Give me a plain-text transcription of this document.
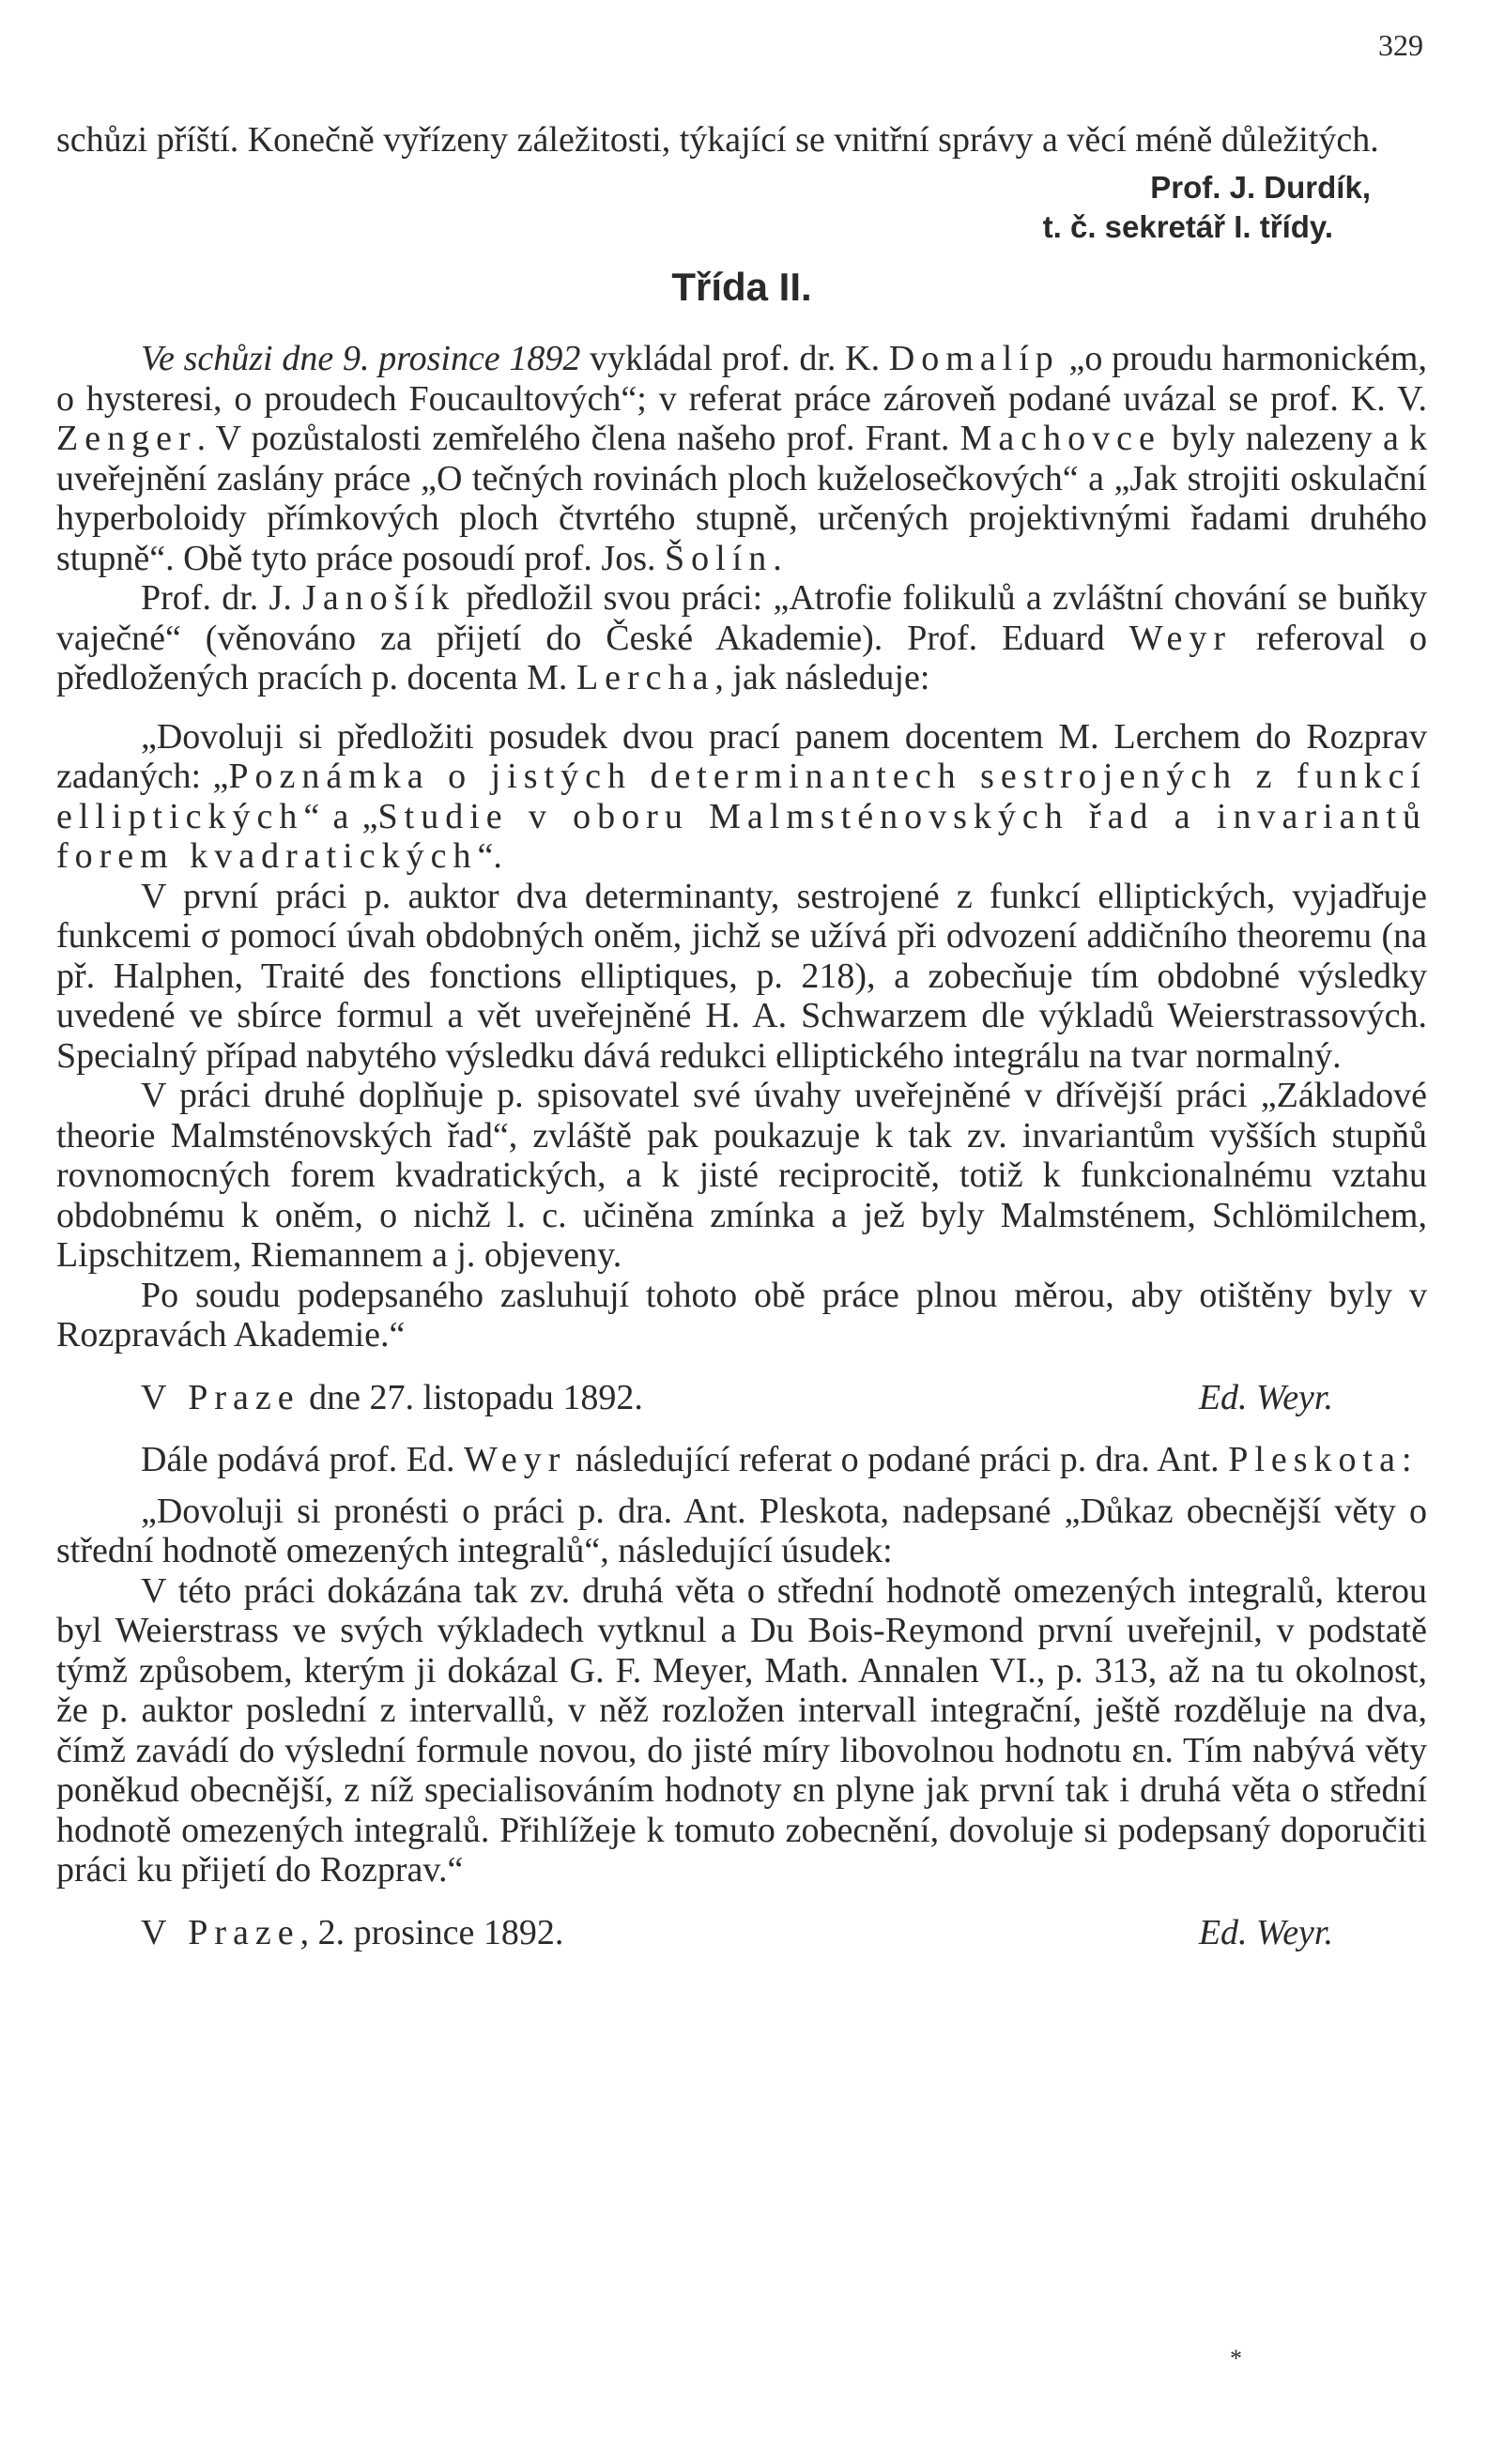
329

schůzi příští. Konečně vyřízeny záležitosti, týkající se vnitřní správy a věcí méně důležitých.

Prof. J. Durdík,
t. č. sekretář I. třídy.
Třída II.

Ve schůzi dne 9. prosince 1892 vykládal prof. dr. K. Domalíp „o proudu harmonickém, o hysteresi, o proudech Foucaultových“; v referat práce zároveň podané uvázal se prof. K. V. Zenger. V pozůstalosti zemřelého člena našeho prof. Frant. Machovce byly nalezeny a k uveřejnění zaslány práce „O tečných rovinách ploch kuželosečkových“ a „Jak strojiti oskulační hyperboloidy přímkových ploch čtvrtého stupně, určených projektivnými řadami druhého stupně“. Obě tyto práce posoudí prof. Jos. Šolín.

Prof. dr. J. Janošík předložil svou práci: „Atrofie folikulů a zvláštní chování se buňky vaječné“ (věnováno za přijetí do České Akademie). Prof. Eduard Weyr referoval o předložených pracích p. docenta M. Lercha, jak následuje:

„Dovoluji si předložiti posudek dvou prací panem docentem M. Lerchem do Rozprav zadaných: „Poznámka o jistých determinantech sestrojených z funkcí elliptických“ a „Studie v oboru Malmsténovských řad a invariantů forem kvadratických“.

V první práci p. auktor dva determinanty, sestrojené z funkcí elliptických, vyjadřuje funkcemi σ pomocí úvah obdobných oněm, jichž se užívá při odvození addičního theoremu (na př. Halphen, Traité des fonctions elliptiques, p. 218), a zobecňuje tím obdobné výsledky uvedené ve sbírce formul a vět uveřejněné H. A. Schwarzem dle výkladů Weierstrassových. Specialný případ nabytého výsledku dává redukci elliptického integrálu na tvar normalný.

V práci druhé doplňuje p. spisovatel své úvahy uveřejněné v dřívější práci „Základové theorie Malmsténovských řad“, zvláště pak poukazuje k tak zv. invariantům vyšších stupňů rovnomocných forem kvadratických, a k jisté reciprocitě, totiž k funkcionalnému vztahu obdobnému k oněm, o nichž l. c. učiněna zmínka a jež byly Malmsténem, Schlömilchem, Lipschitzem, Riemannem a j. objeveny.

Po soudu podepsaného zasluhují tohoto obě práce plnou měrou, aby otištěny byly v Rozpravách Akademie.“

V Praze dne 27. listopadu 1892.	Ed. Weyr.

Dále podává prof. Ed. Weyr následující referat o podané práci p. dra. Ant. Pleskota:

„Dovoluji si pronésti o práci p. dra. Ant. Pleskota, nadepsané „Důkaz obecnější věty o střední hodnotě omezených integralů“, následující úsudek:

V této práci dokázána tak zv. druhá věta o střední hodnotě omezených integralů, kterou byl Weierstrass ve svých výkladech vytknul a Du Bois-Reymond první uveřejnil, v podstatě týmž způsobem, kterým ji dokázal G. F. Meyer, Math. Annalen VI., p. 313, až na tu okolnost, že p. auktor poslední z intervallů, v něž rozložen intervall integrační, ještě rozděluje na dva, čímž zavádí do výslední formule novou, do jisté míry libovolnou hodnotu εn. Tím nabývá věty poněkud obecnější, z níž specialisováním hodnoty εn plyne jak první tak i druhá věta o střední hodnotě omezených integralů. Přihlížeje k tomuto zobecnění, dovoluje si podepsaný doporučiti práci ku přijetí do Rozprav.“

V Praze, 2. prosince 1892.	Ed. Weyr.
*
